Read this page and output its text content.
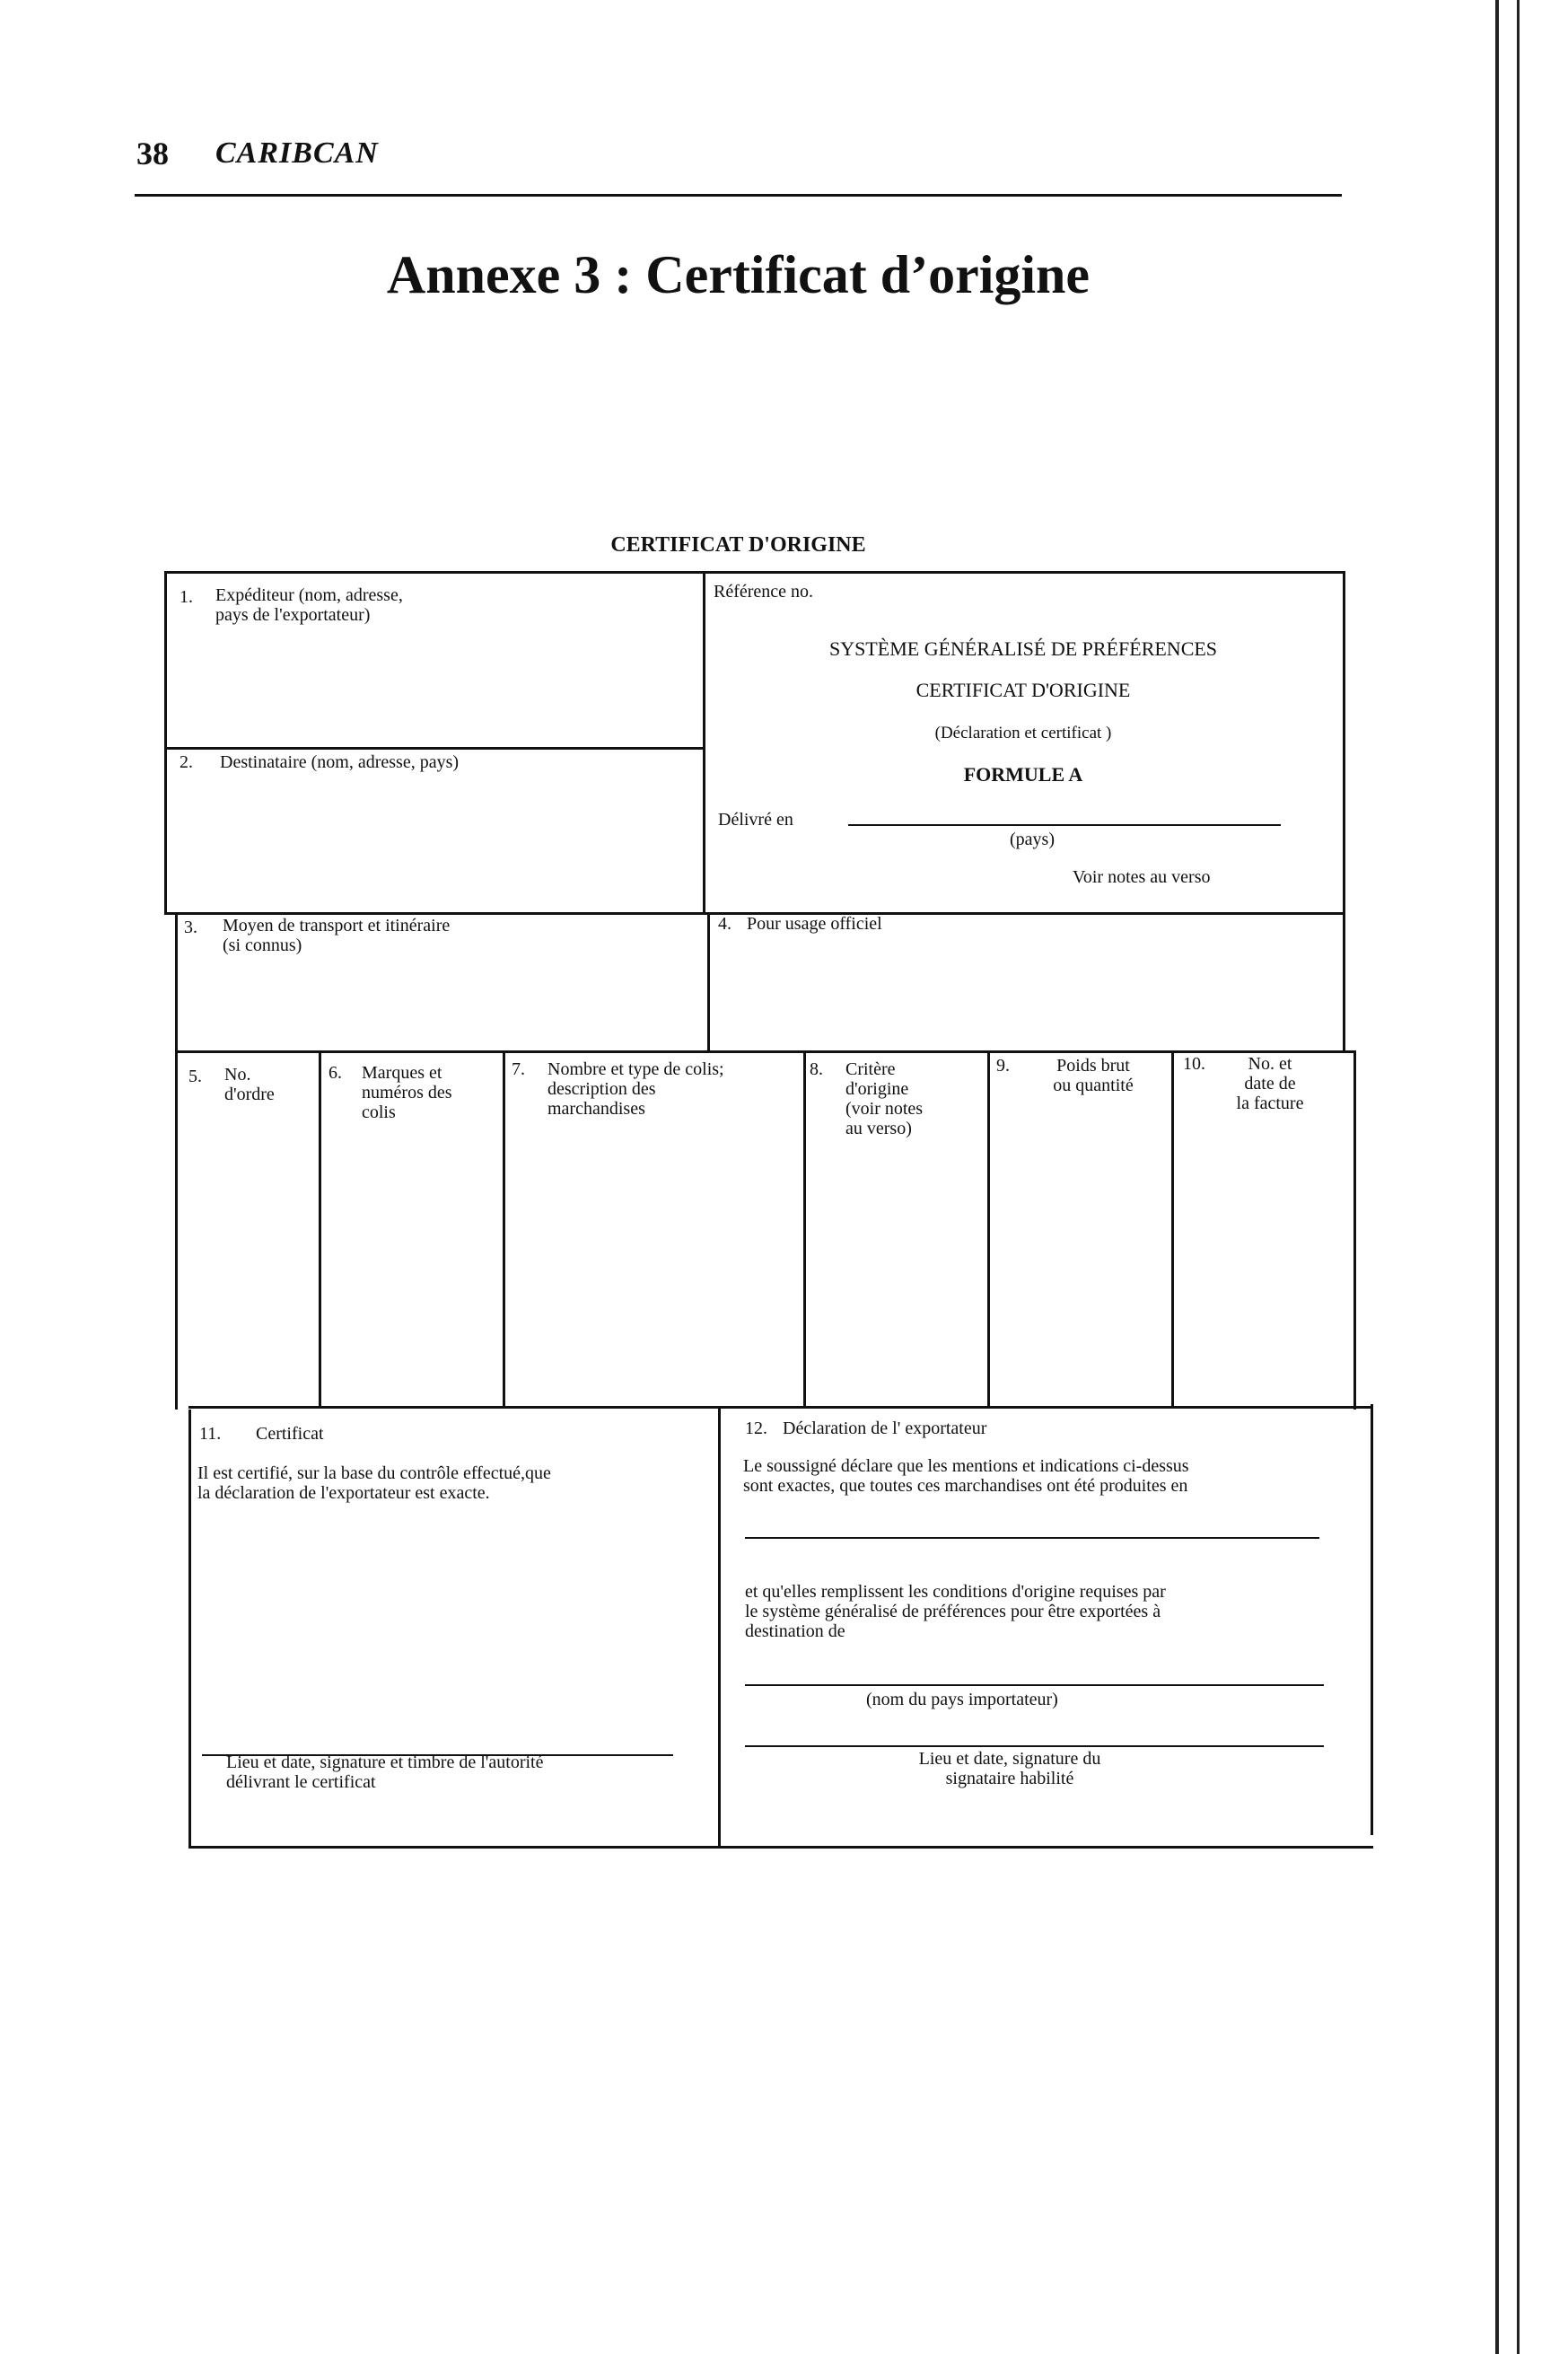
38 CARIBCAN
Annexe 3 : Certificat d’origine
CERTIFICAT D'ORIGINE
1. Expéditeur (nom, adresse,
pays de l'exportateur)
Référence no.
SYSTÈME GÉNÉRALISÉ DE PRÉFÉRENCES
CERTIFICAT D'ORIGINE
(Déclaration et certificat )
FORMULE A
Délivré en
(pays)
Voir notes au verso
2. Destinataire (nom, adresse, pays)
3. Moyen de transport et itinéraire
(si connus)
4. Pour usage officiel
5. No.
d'ordre
6. Marques et
numéros des
colis
7. Nombre et type de colis;
description des
marchandises
8. Critère
d'origine
(voir notes
au verso)
9.	Poids brut
ou quantité
10.	No. et
date de
la facture
11. Certificat
Il est certifié, sur la base du contrôle effectué,que
la déclaration de l'exportateur est exacte.
Lieu et date, signature et timbre de l'autorité
délivrant le certificat
12. Déclaration de l' exportateur
Le soussigné déclare que les mentions et indications ci-dessus
sont exactes, que toutes ces marchandises ont été produites en
et qu'elles remplissent les conditions d'origine requises par
le système généralisé de préférences pour être exportées à
destination de
(nom du pays importateur)
Lieu et date, signature du
signataire habilité
